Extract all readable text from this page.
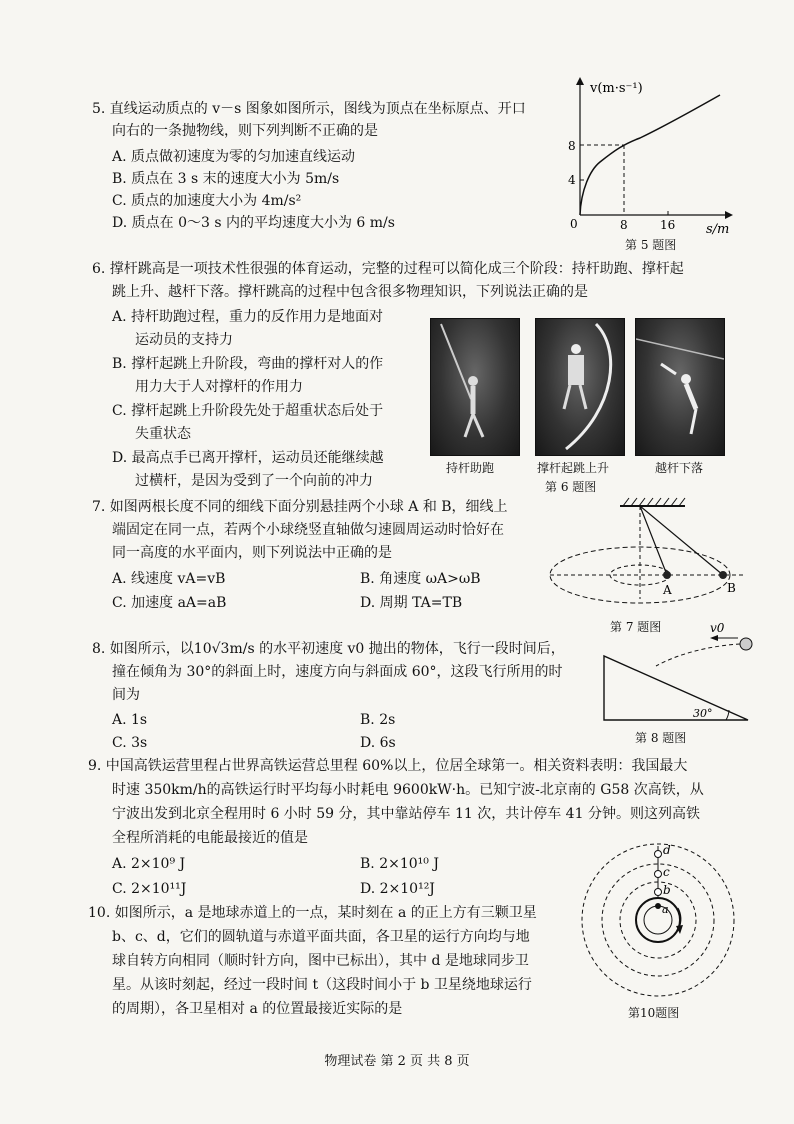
5. 直线运动质点的 v－s 图象如图所示，图线为顶点在坐标原点、开口
向右的一条抛物线，则下列判断不正确的是
A. 质点做初速度为零的匀加速直线运动
B. 质点在 3 s 末的速度大小为 5m/s
C. 质点的加速度大小为 4m/s²
D. 质点在 0～3 s 内的平均速度大小为 6 m/s
v(m·s⁻¹)
8
4
0	8	16 s/m
第 5 题图
6. 撑杆跳高是一项技术性很强的体育运动，完整的过程可以简化成三个阶段：持杆助跑、撑杆起
跳上升、越杆下落。撑杆跳高的过程中包含很多物理知识，下列说法正确的是
A. 持杆助跑过程，重力的反作用力是地面对
运动员的支持力
B. 撑杆起跳上升阶段，弯曲的撑杆对人的作
用力大于人对撑杆的作用力
C. 撑杆起跳上升阶段先处于超重状态后处于
失重状态
D. 最高点手已离开撑杆，运动员还能继续越
过横杆，是因为受到了一个向前的冲力
持杆助跑	撑杆起跳上升	越杆下落
第 6 题图
7. 如图两根长度不同的细线下面分别悬挂两个小球 A 和 B，细线上
端固定在同一点，若两个小球绕竖直轴做匀速圆周运动时恰好在
同一高度的水平面内，则下列说法中正确的是
A. 线速度 vA=vB	B. 角速度 ωA>ωB
C. 加速度 aA=aB	D. 周期 TA=TB
A	B
第 7 题图
8. 如图所示，以10√3m/s 的水平初速度 v0 抛出的物体，飞行一段时间后，
撞在倾角为 30°的斜面上时，速度方向与斜面成 60°，这段飞行所用的时
间为
A. 1s	B. 2s
C. 3s	D. 6s
v0
30°
第 8 题图
9. 中国高铁运营里程占世界高铁运营总里程 60%以上，位居全球第一。相关资料表明：我国最大
时速 350km/h的高铁运行时平均每小时耗电 9600kW·h。已知宁波-北京南的 G58 次高铁，从
宁波出发到北京全程用时 6 小时 59 分，其中靠站停车 11 次，共计停车 41 分钟。则这列高铁
全程所消耗的电能最接近的值是
A. 2×10⁹ J	B. 2×10¹⁰ J
C. 2×10¹¹J	D. 2×10¹²J
10. 如图所示，a 是地球赤道上的一点，某时刻在 a 的正上方有三颗卫星
b、c、d，它们的圆轨道与赤道平面共面，各卫星的运行方向均与地
球自转方向相同（顺时针方向，图中已标出），其中 d 是地球同步卫
星。从该时刻起，经过一段时间 t（这段时间小于 b 卫星绕地球运行
的周期），各卫星相对 a 的位置最接近实际的是
d
c
b
a
第10题图
物理试卷 第 2 页 共 8 页
